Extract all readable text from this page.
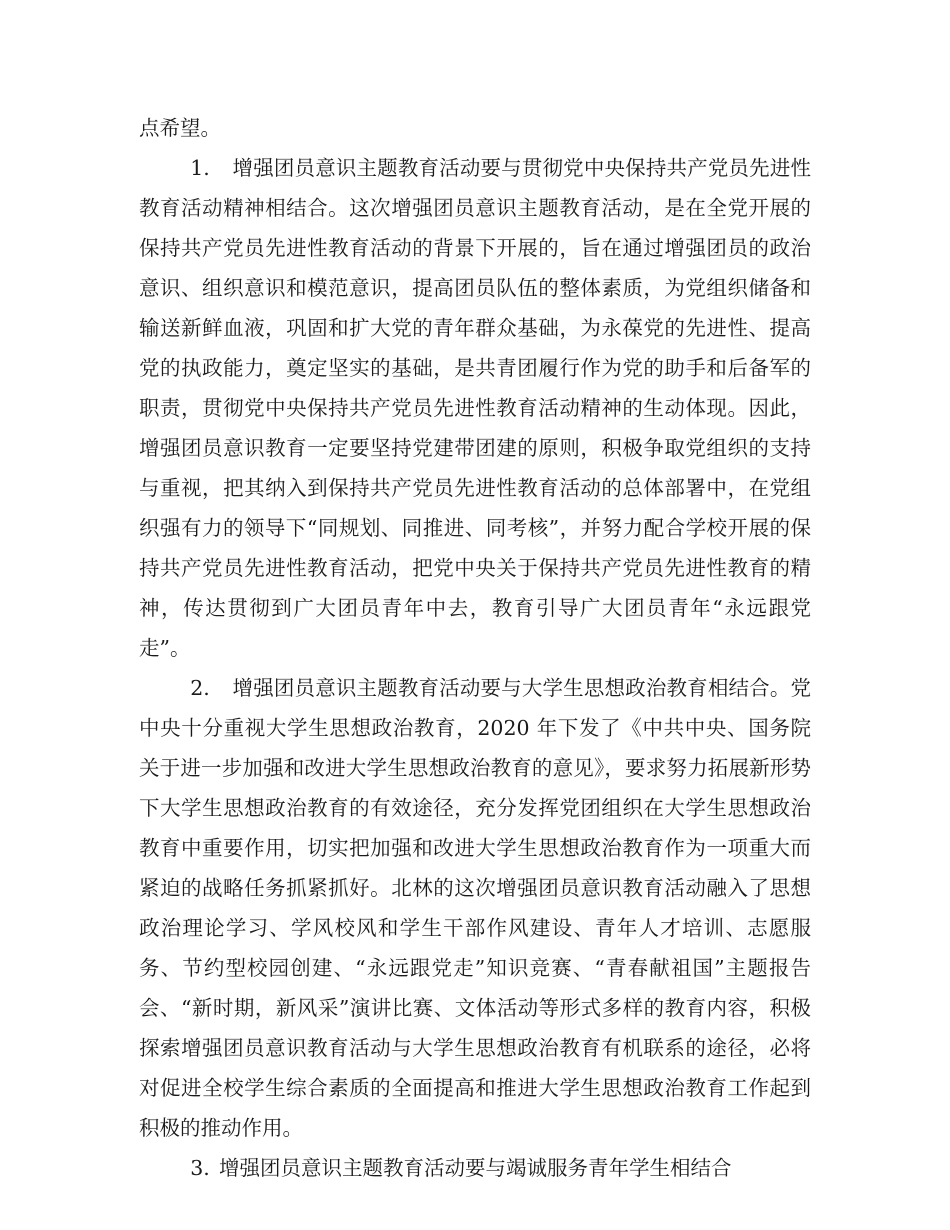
点希望。

1. 增强团员意识主题教育活动要与贯彻党中央保持共产党员先进性教育活动精神相结合。这次增强团员意识主题教育活动，是在全党开展的保持共产党员先进性教育活动的背景下开展的，旨在通过增强团员的政治意识、组织意识和模范意识，提高团员队伍的整体素质，为党组织储备和输送新鲜血液，巩固和扩大党的青年群众基础，为永葆党的先进性、提高党的执政能力，奠定坚实的基础，是共青团履行作为党的助手和后备军的职责，贯彻党中央保持共产党员先进性教育活动精神的生动体现。因此，增强团员意识教育一定要坚持党建带团建的原则，积极争取党组织的支持与重视，把其纳入到保持共产党员先进性教育活动的总体部署中，在党组织强有力的领导下“同规划、同推进、同考核”，并努力配合学校开展的保持共产党员先进性教育活动，把党中央关于保持共产党员先进性教育的精神，传达贯彻到广大团员青年中去，教育引导广大团员青年“永远跟党走”。

2. 增强团员意识主题教育活动要与大学生思想政治教育相结合。党中央十分重视大学生思想政治教育，2020 年下发了《中共中央、国务院关于进一步加强和改进大学生思想政治教育的意见》，要求努力拓展新形势下大学生思想政治教育的有效途径，充分发挥党团组织在大学生思想政治教育中重要作用，切实把加强和改进大学生思想政治教育作为一项重大而紧迫的战略任务抓紧抓好。北林的这次增强团员意识教育活动融入了思想政治理论学习、学风校风和学生干部作风建设、青年人才培训、志愿服务、节约型校园创建、“永远跟党走”知识竞赛、“青春献祖国”主题报告会、“新时期，新风采”演讲比赛、文体活动等形式多样的教育内容，积极探索增强团员意识教育活动与大学生思想政治教育有机联系的途径，必将对促进全校学生综合素质的全面提高和推进大学生思想政治教育工作起到积极的推动作用。

3. 增强团员意识主题教育活动要与竭诚服务青年学生相结合
